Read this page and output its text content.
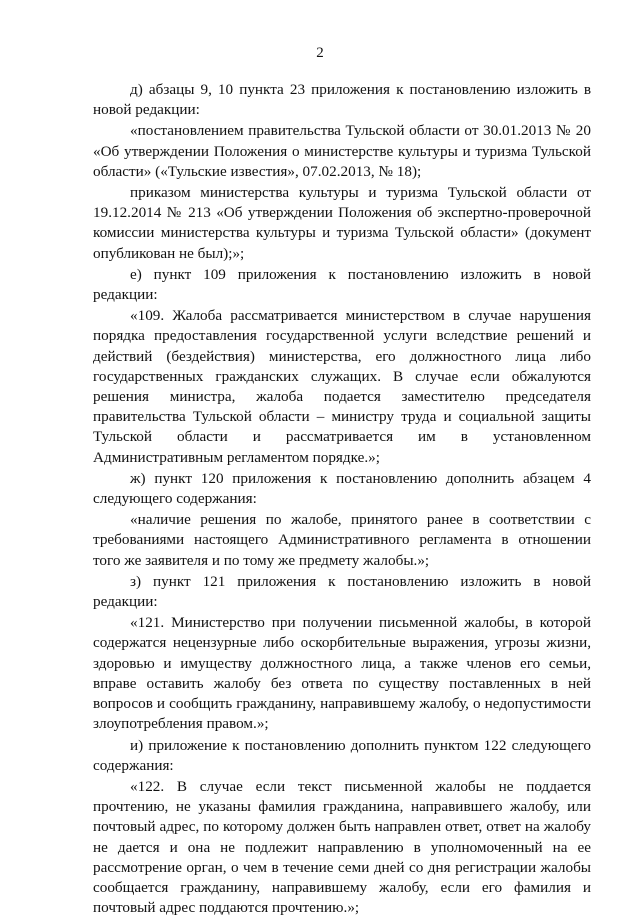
2

д) абзацы 9, 10 пункта 23 приложения к постановлению изложить в новой редакции:

«постановлением правительства Тульской области от 30.01.2013 № 20 «Об утверждении Положения о министерстве культуры и туризма Тульской области» («Тульские известия», 07.02.2013, № 18);

приказом министерства культуры и туризма Тульской области от 19.12.2014 № 213 «Об утверждении Положения об экспертно-проверочной комиссии министерства культуры и туризма Тульской области» (документ опубликован не был);»;

е) пункт 109 приложения к постановлению изложить в новой редакции:

«109. Жалоба рассматривается министерством в случае нарушения порядка предоставления государственной услуги вследствие решений и действий (бездействия) министерства, его должностного лица либо государственных гражданских служащих. В случае если обжалуются решения министра, жалоба подается заместителю председателя правительства Тульской области – министру труда и социальной защиты Тульской области и рассматривается им в установленном Административным регламентом порядке.»;

ж) пункт 120 приложения к постановлению дополнить абзацем 4 следующего содержания:

«наличие решения по жалобе, принятого ранее в соответствии с требованиями настоящего Административного регламента в отношении того же заявителя и по тому же предмету жалобы.»;

з) пункт 121 приложения к постановлению изложить в новой редакции:

«121. Министерство при получении письменной жалобы, в которой содержатся нецензурные либо оскорбительные выражения, угрозы жизни, здоровью и имуществу должностного лица, а также членов его семьи, вправе оставить жалобу без ответа по существу поставленных в ней вопросов и сообщить гражданину, направившему жалобу, о недопустимости злоупотребления правом.»;

и) приложение к постановлению дополнить пунктом 122 следующего содержания:

«122. В случае если текст письменной жалобы не поддается прочтению, не указаны фамилия гражданина, направившего жалобу, или почтовый адрес, по которому должен быть направлен ответ, ответ на жалобу не дается и она не подлежит направлению в уполномоченный на ее рассмотрение орган, о чем в течение семи дней со дня регистрации жалобы сообщается гражданину, направившему жалобу, если его фамилия и почтовый адрес поддаются прочтению.»;
